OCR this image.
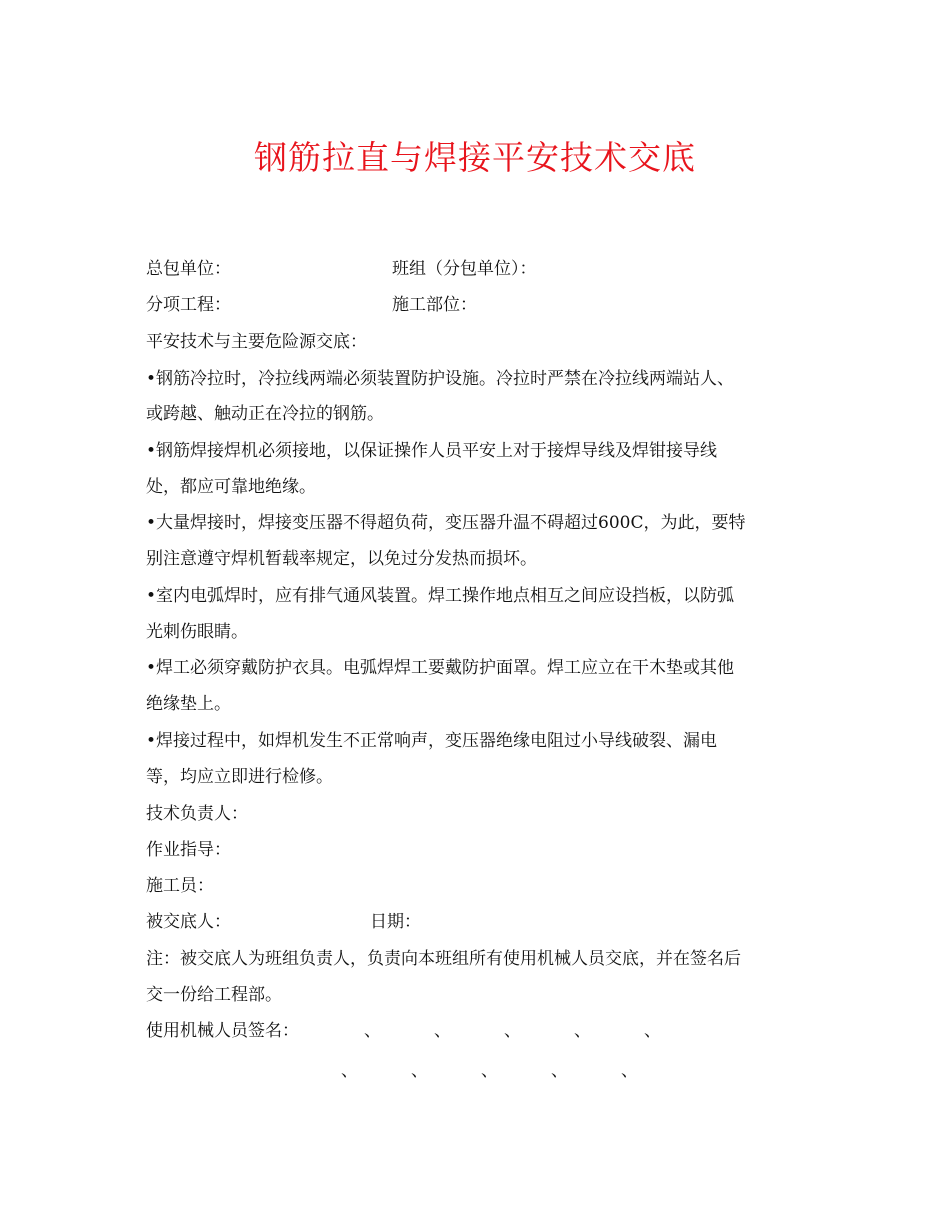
钢筋拉直与焊接平安技术交底
总包单位：	班组（分包单位）：
分项工程：	施工部位：
平安技术与主要危险源交底：
•钢筋冷拉时，冷拉线两端必须装置防护设施。冷拉时严禁在冷拉线两端站人、
或跨越、触动正在冷拉的钢筋。
•钢筋焊接焊机必须接地，以保证操作人员平安上对于接焊导线及焊钳接导线
处，都应可靠地绝缘。
•大量焊接时，焊接变压器不得超负荷，变压器升温不碍超过600C，为此，要特
别注意遵守焊机暂载率规定，以免过分发热而损坏。
•室内电弧焊时，应有排气通风装置。焊工操作地点相互之间应设挡板，以防弧
光刺伤眼睛。
•焊工必须穿戴防护衣具。电弧焊焊工要戴防护面罩。焊工应立在干木垫或其他
绝缘垫上。
•焊接过程中，如焊机发生不正常响声，变压器绝缘电阻过小导线破裂、漏电
等，均应立即进行检修。
技术负责人：
作业指导：
施工员：
被交底人：	日期：
注：被交底人为班组负责人，负责向本班组所有使用机械人员交底，并在签名后
交一份给工程部。
使用机械人员签名：	、	、	、	、	、
、	、	、	、	、
